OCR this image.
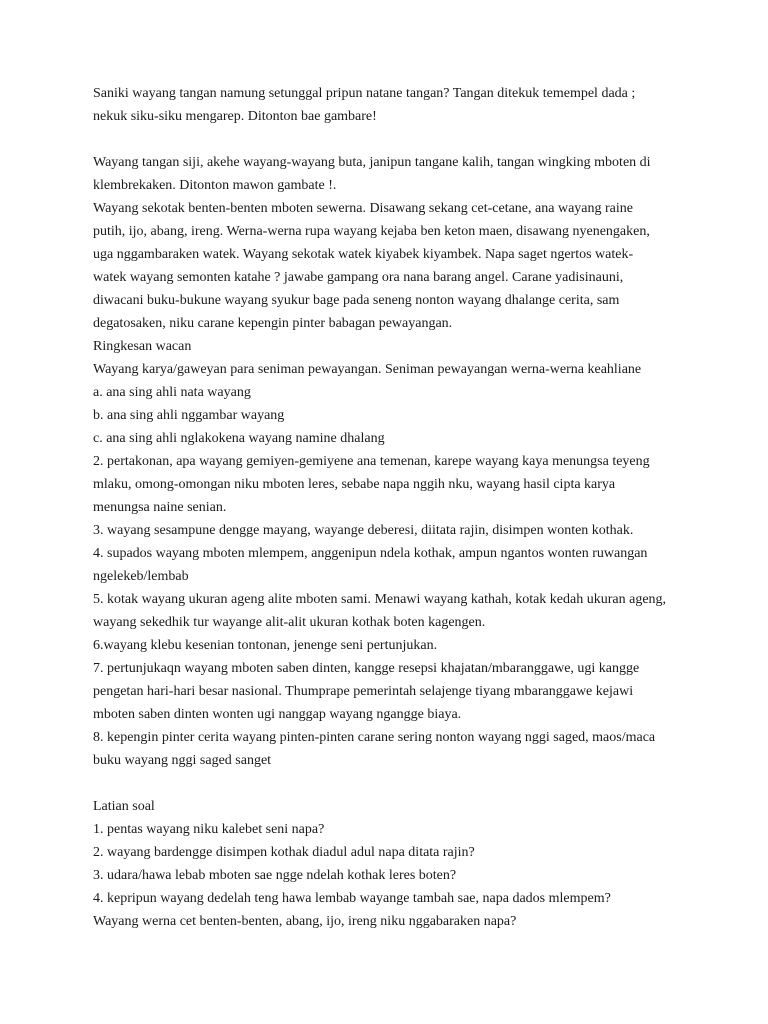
Saniki wayang tangan namung setunggal pripun natane tangan? Tangan ditekuk temempel dada ;
nekuk siku-siku mengarep. Ditonton bae gambare!
Wayang tangan siji, akehe wayang-wayang buta, janipun tangane kalih, tangan wingking mboten di
klembrekaken. Ditonton mawon gambate !.
Wayang sekotak benten-benten mboten sewerna. Disawang sekang cet-cetane, ana wayang raine
putih, ijo, abang, ireng. Werna-werna rupa wayang kejaba ben keton maen, disawang nyenengaken,
uga nggambaraken watek. Wayang sekotak watek kiyabek kiyambek. Napa saget ngertos watek-
watek wayang semonten katahe ? jawabe gampang ora nana barang angel. Carane yadisinauni,
diwacani buku-bukune wayang syukur bage pada seneng nonton wayang dhalange cerita, sam
degatosaken, niku carane kepengin pinter babagan pewayangan.
Ringkesan wacan
Wayang karya/gaweyan para seniman pewayangan. Seniman pewayangan werna-werna keahliane
a. ana sing ahli nata wayang
b. ana sing ahli nggambar wayang
c. ana sing ahli nglakokena wayang namine dhalang
2. pertakonan, apa wayang gemiyen-gemiyene ana temenan, karepe wayang kaya menungsa teyeng
mlaku, omong-omongan niku mboten leres, sebabe napa nggih nku, wayang hasil cipta karya
menungsa naine senian.
3. wayang sesampune dengge mayang, wayange deberesi, diitata rajin, disimpen wonten kothak.
4. supados wayang mboten mlempem, anggenipun ndela kothak, ampun ngantos wonten ruwangan
ngelekeb/lembab
5. kotak wayang ukuran ageng alite mboten sami. Menawi wayang kathah, kotak kedah ukuran ageng,
wayang sekedhik tur wayange alit-alit ukuran kothak boten kagengen.
6.wayang klebu kesenian tontonan, jenenge seni pertunjukan.
7. pertunjukaqn wayang mboten saben dinten, kangge resepsi khajatan/mbaranggawe, ugi kangge
pengetan hari-hari besar nasional. Thumprape pemerintah selajenge tiyang mbaranggawe kejawi
mboten saben dinten wonten ugi nanggap wayang ngangge biaya.
8. kepengin pinter cerita wayang pinten-pinten carane sering nonton wayang nggi saged, maos/maca
buku wayang nggi saged sanget
Latian soal
1. pentas wayang niku kalebet seni napa?
2. wayang bardengge disimpen kothak diadul adul napa ditata rajin?
3. udara/hawa lebab mboten sae ngge ndelah kothak leres boten?
4. kepripun wayang dedelah teng hawa lembab wayange tambah sae, napa dados mlempem?
Wayang werna cet benten-benten, abang, ijo, ireng niku nggabaraken napa?
